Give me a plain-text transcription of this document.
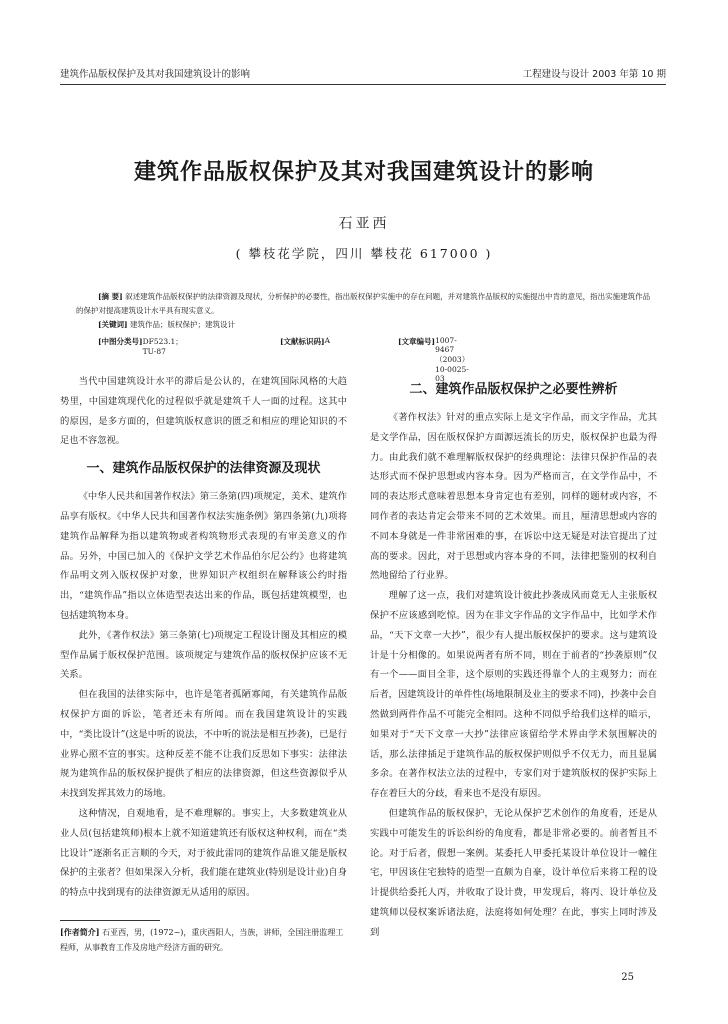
建筑作品版权保护及其对我国建筑设计的影响	工程建设与设计 2003 年第 10 期
建筑作品版权保护及其对我国建筑设计的影响
石亚西
( 攀枝花学院，四川 攀枝花 617000 )

[摘 要] 叙述建筑作品版权保护的法律资源及现状，分析保护的必要性，指出版权保护实施中的存在问题，并对建筑作品版权的实施提出中肯的意见，指出实施建筑作品的保护对提高建筑设计水平具有现实意义。

[关键词] 建筑作品；版权保护；建筑设计

[中图分类号] DF523.1；TU-87
[文献标识码] A	[文章编号] 1007-9467（2003）10-0025-03

当代中国建筑设计水平的滞后是公认的，在建筑国际风格的大趋势里，中国建筑现代化的过程似乎就是建筑千人一面的过程。这其中的原因，是多方面的，但建筑版权意识的匮乏和相应的理论知识的不足也不容忽视。

一、建筑作品版权保护的法律资源及现状

《中华人民共和国著作权法》第三条第(四)项规定，美术、建筑作品享有版权。《中华人民共和国著作权法实施条例》第四条第(九)项将建筑作品解释为指以建筑物或者构筑物形式表现的有审美意义的作品。另外，中国已加入的《保护文学艺术作品伯尔尼公约》也将建筑作品明文列入版权保护对象，世界知识产权组织在解释该公约时指出，“建筑作品”指以立体造型表达出来的作品，既包括建筑模型，也包括建筑物本身。

此外，《著作权法》第三条第(七)项规定工程设计图及其相应的模型作品属于版权保护范围。该项规定与建筑作品的版权保护应该不无关系。

但在我国的法律实际中，也许是笔者孤陋寡闻，有关建筑作品版权保护方面的诉讼，笔者还未有所闻。而在我国建筑设计的实践中，“类比设计”(这是中听的说法，不中听的说法是相互抄袭)，已是行业界心照不宣的事实。这种反差不能不让我们反思如下事实：法律法规为建筑作品的版权保护提供了相应的法律资源，但这些资源似乎从未找到发挥其效力的场地。

这种情况，自观地看，是不难理解的。事实上，大多数建筑业从业人员(包括建筑师)根本上就不知道建筑还有版权这种权利，而在“类比设计”逐渐名正言顺的今天，对于彼此雷同的建筑作品谁又能是版权保护的主张者？但如果深入分析，我们能在建筑业(特别是设计业)自身的特点中找到现有的法律资源无从适用的原因。

二、建筑作品版权保护之必要性辨析

《著作权法》针对的重点实际上是文字作品，而文字作品，尤其是文学作品，因在版权保护方面源远流长的历史，版权保护也最为得力。由此我们就不难理解版权保护的经典理论：法律只保护作品的表达形式而不保护思想或内容本身。因为严格而言，在文学作品中，不同的表达形式意味着思想本身肯定也有差别，同样的题材或内容，不同作者的表达肯定会带来不同的艺术效果。而且，厘清思想或内容的不同本身就是一件非常困难的事，在诉讼中这无疑是对法官提出了过高的要求。因此，对于思想或内容本身的不同，法律把鉴别的权利自然地留给了行业界。

理解了这一点，我们对建筑设计彼此抄袭成风而竟无人主张版权保护不应该感到吃惊。因为在非文字作品的文字作品中，比如学术作品，“天下文章一大抄”，很少有人提出版权保护的要求。这与建筑设计是十分相像的。如果说两者有所不同，则在于前者的“抄袭原则”仅有一个——面目全非，这个原则的实践还得靠个人的主观努力；而在后者，因建筑设计的单件性(场地限制及业主的要求不同)，抄袭中会自然做到两件作品不可能完全相同。这种不同似乎给我们这样的暗示，如果对于“天下文章一大抄”法律应该留给学术界由学术氛围解决的话，那么法律插足于建筑作品的版权保护则似乎不仅无力，而且显属多余。在著作权法立法的过程中，专家们对于建筑版权的保护实际上存在着巨大的分歧，看来也不是没有原因。

但建筑作品的版权保护，无论从保护艺术创作的角度看，还是从实践中可能发生的诉讼纠纷的角度看，都是非常必要的。前者暂且不论。对于后者，假想一案例。某委托人甲委托某设计单位设计一幢住宅，甲因该住宅独特的造型一直颇为自豪，设计单位后来将工程的设计提供给委托人丙，并收取了设计费，甲发现后，将丙、设计单位及建筑师以侵权案诉诸法庭，法庭将如何处理？在此，事实上同时涉及到

[作者简介] 石亚西，男，(1972~)，重庆酉阳人，当族，讲师，全国注册监理工程师，从事教育工作及房地产经济方面的研究。
25
